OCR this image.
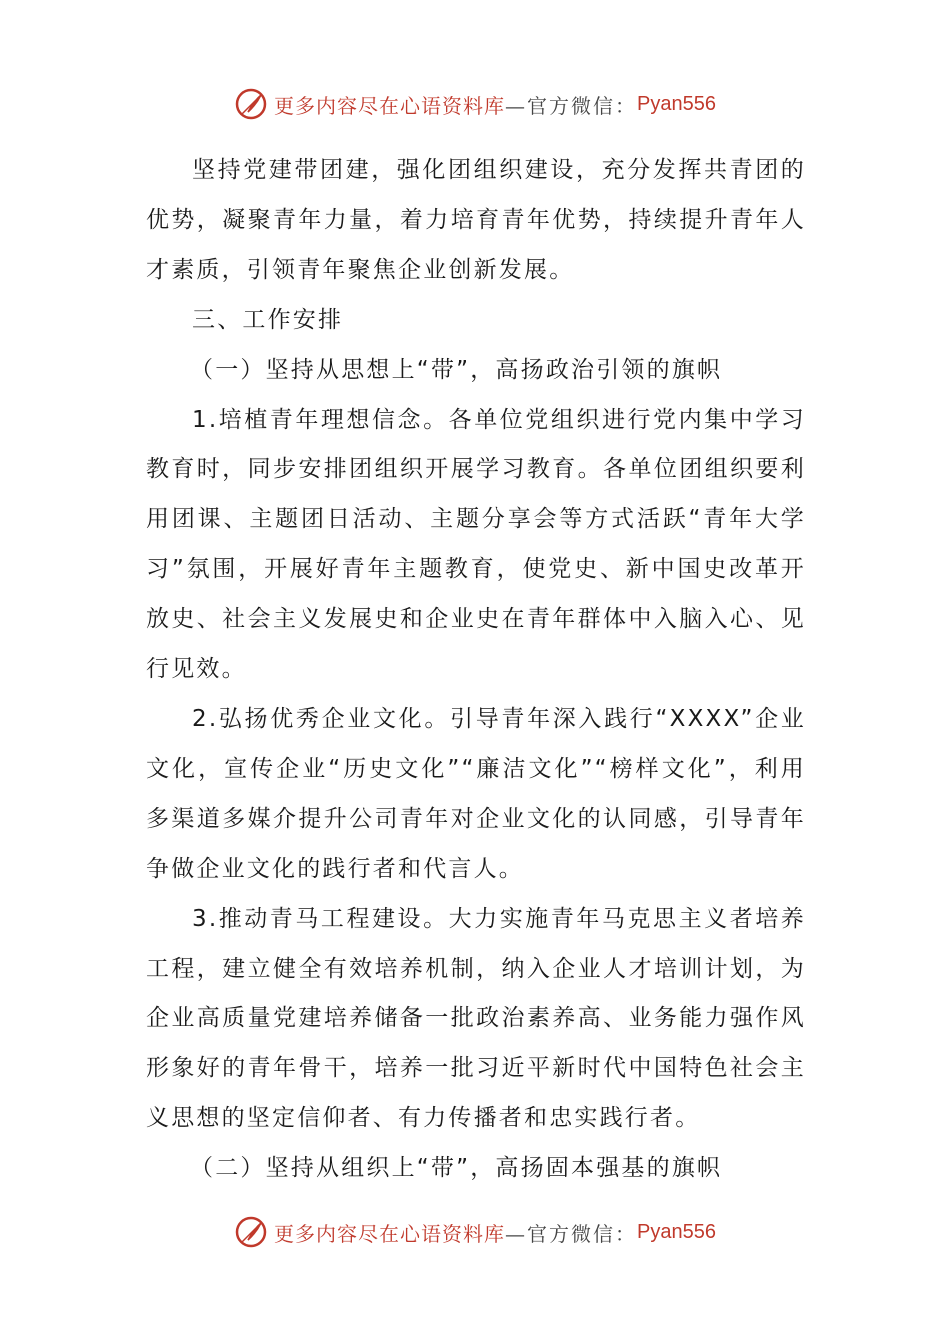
更多内容尽在心语资料库 —官方微信： Pyan556

坚持党建带团建，强化团组织建设，充分发挥共青团的优势，凝聚青年力量，着力培育青年优势，持续提升青年人才素质，引领青年聚焦企业创新发展。

三、工作安排

（一）坚持从思想上“带”，高扬政治引领的旗帜

1.培植青年理想信念。各单位党组织进行党内集中学习教育时，同步安排团组织开展学习教育。各单位团组织要利用团课、主题团日活动、主题分享会等方式活跃“青年大学习”氛围，开展好青年主题教育，使党史、新中国史改革开放史、社会主义发展史和企业史在青年群体中入脑入心、见行见效。

2.弘扬优秀企业文化。引导青年深入践行“XXXX”企业文化，宣传企业“历史文化”“廉洁文化”“榜样文化”，利用多渠道多媒介提升公司青年对企业文化的认同感，引导青年争做企业文化的践行者和代言人。

3.推动青马工程建设。大力实施青年马克思主义者培养工程，建立健全有效培养机制，纳入企业人才培训计划，为企业高质量党建培养储备一批政治素养高、业务能力强作风形象好的青年骨干，培养一批习近平新时代中国特色社会主义思想的坚定信仰者、有力传播者和忠实践行者。

（二）坚持从组织上“带”，高扬固本强基的旗帜

更多内容尽在心语资料库 —官方微信： Pyan556
